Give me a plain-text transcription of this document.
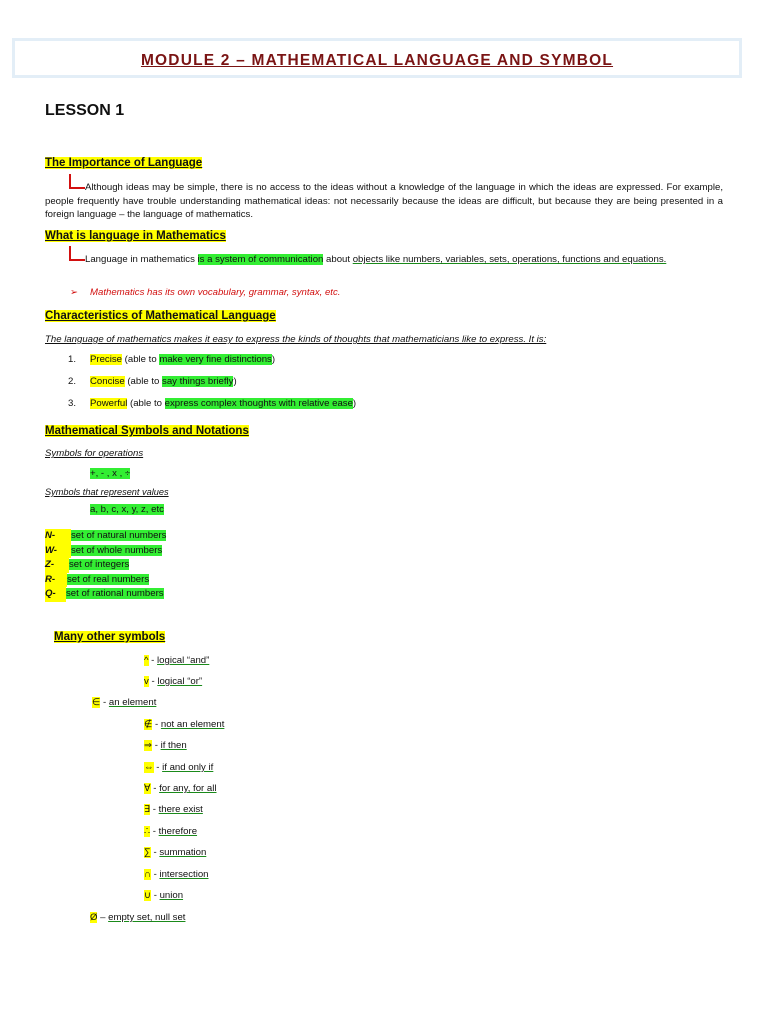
MODULE 2 – MATHEMATICAL LANGUAGE AND SYMBOL
LESSON 1
The Importance of Language
Although ideas may be simple, there is no access to the ideas without a knowledge of the language in which the ideas are expressed. For example, people frequently have trouble understanding mathematical ideas: not necessarily because the ideas are difficult, but because they are being presented in a foreign language – the language of mathematics.
What is language in Mathematics
Language in mathematics is a system of communication about objects like numbers, variables, sets, operations, functions and equations.
➢ Mathematics has its own vocabulary, grammar, syntax, etc.
Characteristics of Mathematical Language
The language of mathematics makes it easy to express the kinds of thoughts that mathematicians like to express. It is:
1. Precise (able to make very fine distinctions)
2. Concise (able to say things briefly)
3. Powerful (able to express complex thoughts with relative ease)
Mathematical Symbols and Notations
Symbols for operations
+, - , x , ÷
Symbols that represent values
a, b, c, x, y, z, etc
N- set of natural numbers
W- set of whole numbers
Z- set of integers
R- set of real numbers
Q- set of rational numbers
Many other symbols
^ - logical “and”
v - logical “or”
∈ - an element
∉ - not an element
⇒ - if then
⇔ - if and only if
∀ - for any, for all
∃ - there exist
∴ - therefore
∑ - summation
∩ - intersection
∪ - union
Ø – empty set, null set
